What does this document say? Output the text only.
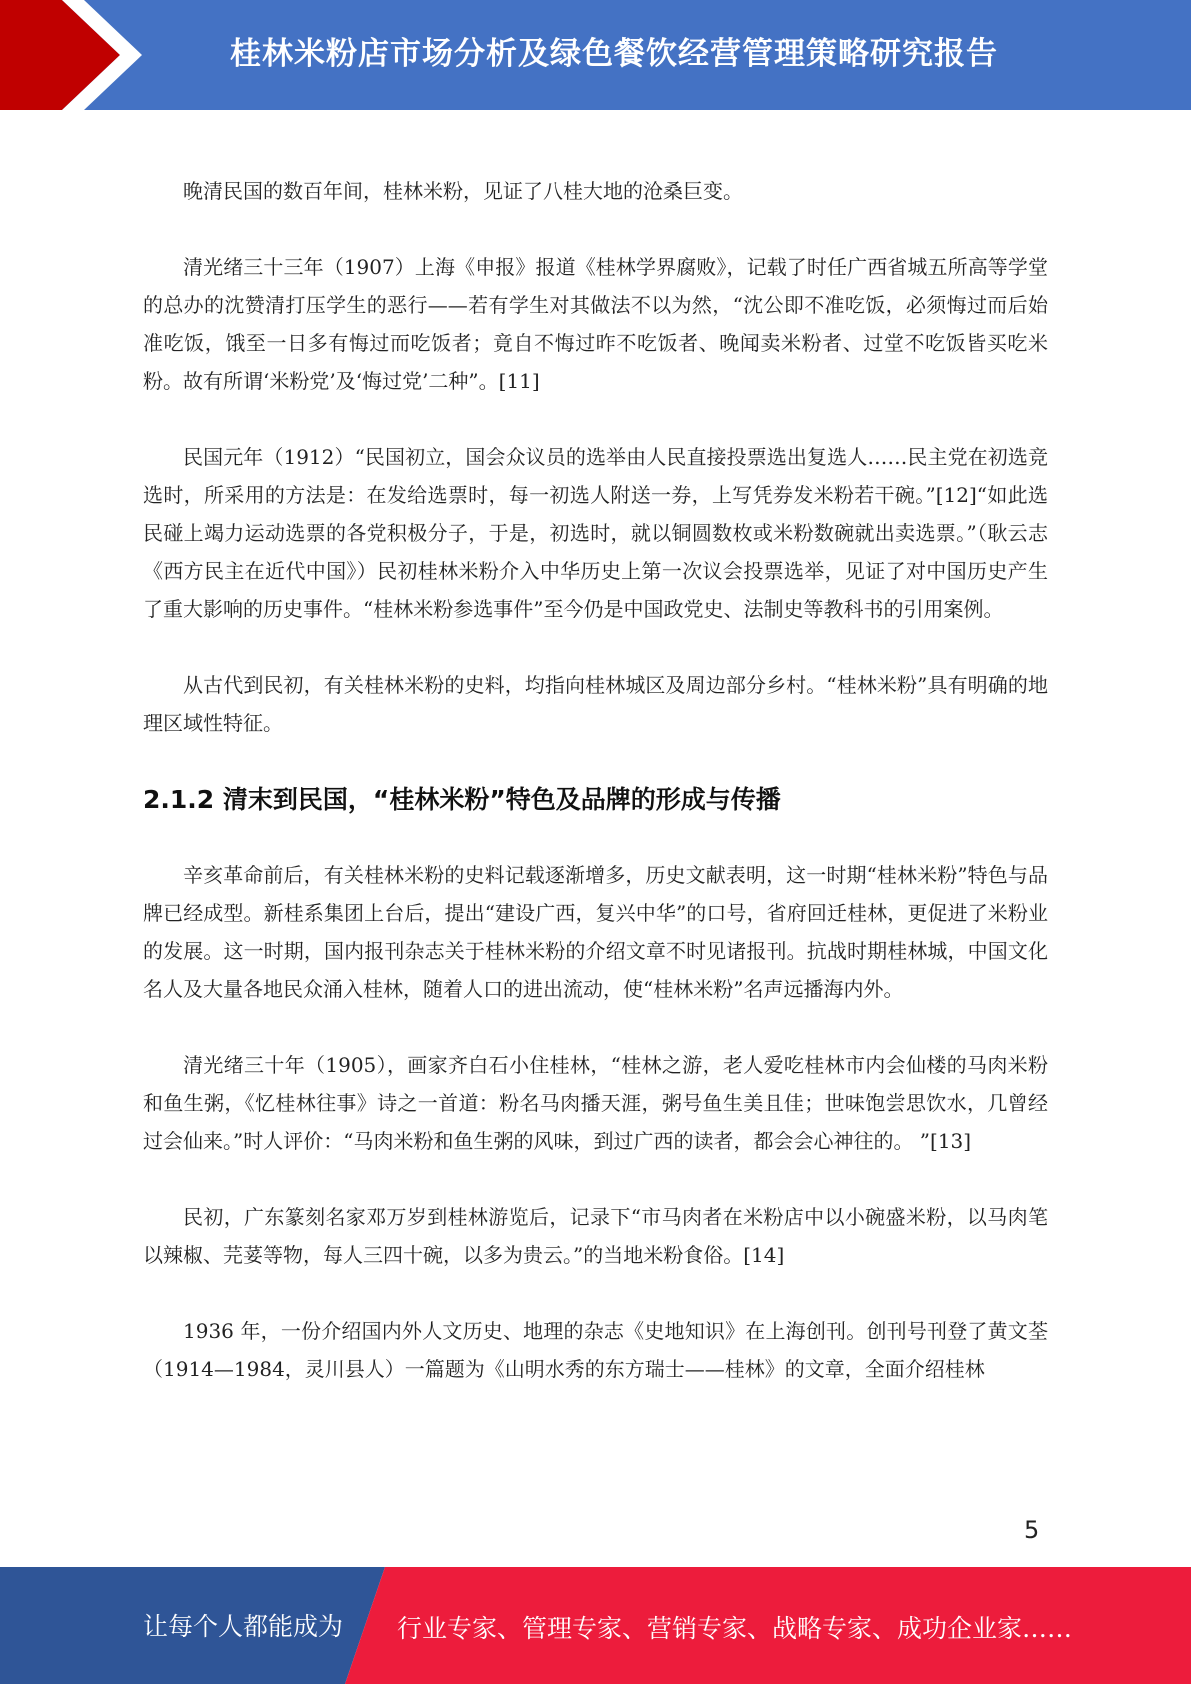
桂林米粉店市场分析及绿色餐饮经营管理策略研究报告

晚清民国的数百年间，桂林米粉，见证了八桂大地的沧桑巨变。

清光绪三十三年（1907）上海《申报》报道《桂林学界腐败》，记载了时任广西省城五所高等学堂的总办的沈赞清打压学生的恶行——若有学生对其做法不以为然，“沈公即不准吃饭，必须悔过而后始准吃饭，饿至一日多有悔过而吃饭者；竟自不悔过昨不吃饭者、晚闻卖米粉者、过堂不吃饭皆买吃米粉。故有所谓‘米粉党’及‘悔过党’二种”。[11]

民国元年（1912）“民国初立，国会众议员的选举由人民直接投票选出复选人……民主党在初选竞选时，所采用的方法是：在发给选票时，每一初选人附送一券，上写凭券发米粉若干碗。”[12]“如此选民碰上竭力运动选票的各党积极分子，于是，初选时，就以铜圆数枚或米粉数碗就出卖选票。”（耿云志《西方民主在近代中国》）民初桂林米粉介入中华历史上第一次议会投票选举，见证了对中国历史产生了重大影响的历史事件。“桂林米粉参选事件”至今仍是中国政党史、法制史等教科书的引用案例。

从古代到民初，有关桂林米粉的史料，均指向桂林城区及周边部分乡村。“桂林米粉”具有明确的地理区域性特征。

2.1.2 清末到民国，“桂林米粉”特色及品牌的形成与传播

辛亥革命前后，有关桂林米粉的史料记载逐渐增多，历史文献表明，这一时期“桂林米粉”特色与品牌已经成型。新桂系集团上台后，提出“建设广西，复兴中华”的口号，省府回迁桂林，更促进了米粉业的发展。这一时期，国内报刊杂志关于桂林米粉的介绍文章不时见诸报刊。抗战时期桂林城，中国文化名人及大量各地民众涌入桂林，随着人口的进出流动，使“桂林米粉”名声远播海内外。

清光绪三十年（1905），画家齐白石小住桂林，“桂林之游，老人爱吃桂林市内会仙楼的马肉米粉和鱼生粥，《忆桂林往事》诗之一首道：粉名马肉播天涯，粥号鱼生美且佳；世味饱尝思饮水，几曾经过会仙来。”时人评价：“马肉米粉和鱼生粥的风味，到过广西的读者，都会会心神往的。 ”[13]

民初，广东篆刻名家邓万岁到桂林游览后，记录下“市马肉者在米粉店中以小碗盛米粉，以马肉笔以辣椒、芫荽等物，每人三四十碗，以多为贵云。”的当地米粉食俗。[14]

1936 年，一份介绍国内外人文历史、地理的杂志《史地知识》在上海创刊。创刊号刊登了黄文荃（1914—1984，灵川县人）一篇题为《山明水秀的东方瑞士——桂林》的文章，全面介绍桂林

5
让每个人都能成为 行业专家、管理专家、营销专家、战略专家、成功企业家……
